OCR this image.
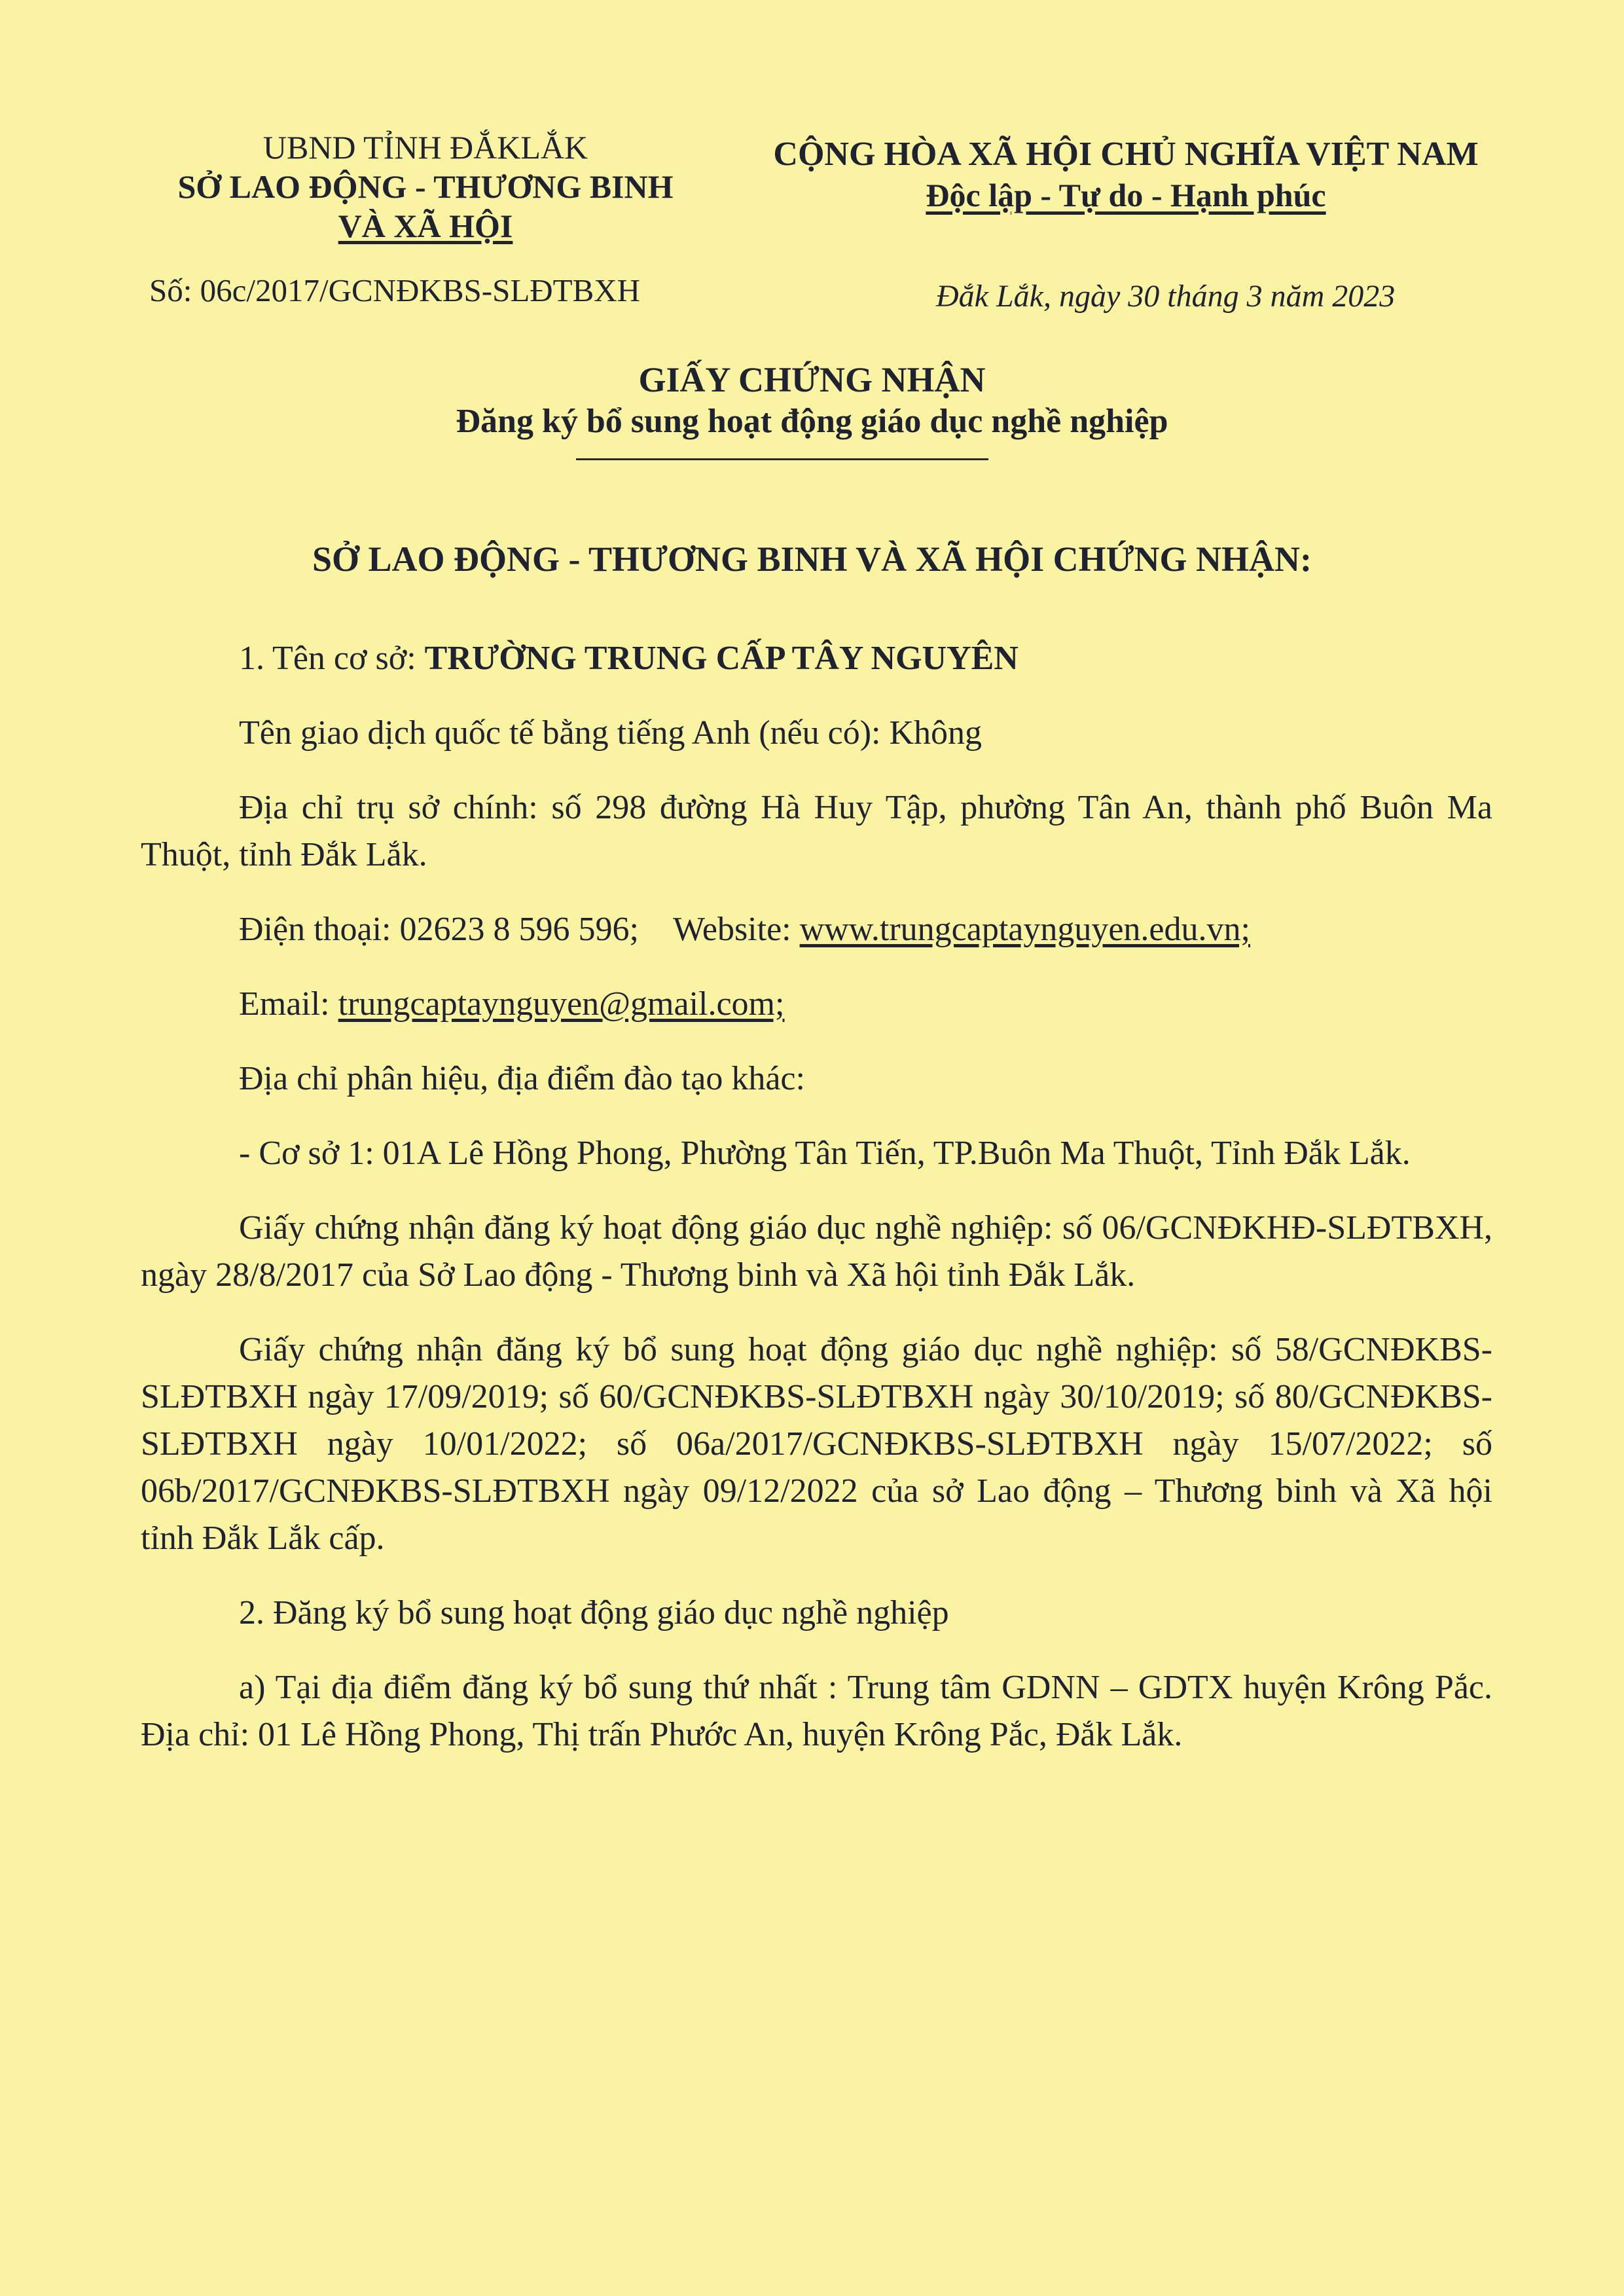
UBND TỈNH ĐẮKLẮK
SỞ LAO ĐỘNG - THƯƠNG BINH
VÀ XÃ HỘI
CỘNG HÒA XÃ HỘI CHỦ NGHĨA VIỆT NAM
Độc lập - Tự do - Hạnh phúc
Số: 06c/2017/GCNĐKBS-SLĐTBXH	Đắk Lắk, ngày 30 tháng 3 năm 2023
GIẤY CHỨNG NHẬN
Đăng ký bổ sung hoạt động giáo dục nghề nghiệp
SỞ LAO ĐỘNG - THƯƠNG BINH VÀ XÃ HỘI CHỨNG NHẬN:

1. Tên cơ sở: TRƯỜNG TRUNG CẤP TÂY NGUYÊN

Tên giao dịch quốc tế bằng tiếng Anh (nếu có): Không

Địa chỉ trụ sở chính: số 298 đường Hà Huy Tập, phường Tân An, thành phố Buôn Ma Thuột, tỉnh Đắk Lắk.

Điện thoại: 02623 8 596 596; Website: www.trungcaptaynguyen.edu.vn;

Email: trungcaptaynguyen@gmail.com;

Địa chỉ phân hiệu, địa điểm đào tạo khác:

- Cơ sở 1: 01A Lê Hồng Phong, Phường Tân Tiến, TP.Buôn Ma Thuột, Tỉnh Đắk Lắk.

Giấy chứng nhận đăng ký hoạt động giáo dục nghề nghiệp: số 06/GCNĐKHĐ-SLĐTBXH, ngày 28/8/2017 của Sở Lao động - Thương binh và Xã hội tỉnh Đắk Lắk.

Giấy chứng nhận đăng ký bổ sung hoạt động giáo dục nghề nghiệp: số 58/GCNĐKBS-SLĐTBXH ngày 17/09/2019; số 60/GCNĐKBS-SLĐTBXH ngày 30/10/2019; số 80/GCNĐKBS-SLĐTBXH ngày 10/01/2022; số 06a/2017/GCNĐKBS-SLĐTBXH ngày 15/07/2022; số 06b/2017/GCNĐKBS-SLĐTBXH ngày 09/12/2022 của sở Lao động – Thương binh và Xã hội tỉnh Đắk Lắk cấp.

2. Đăng ký bổ sung hoạt động giáo dục nghề nghiệp

a) Tại địa điểm đăng ký bổ sung thứ nhất : Trung tâm GDNN – GDTX huyện Krông Pắc. Địa chỉ: 01 Lê Hồng Phong, Thị trấn Phước An, huyện Krông Pắc, Đắk Lắk.
